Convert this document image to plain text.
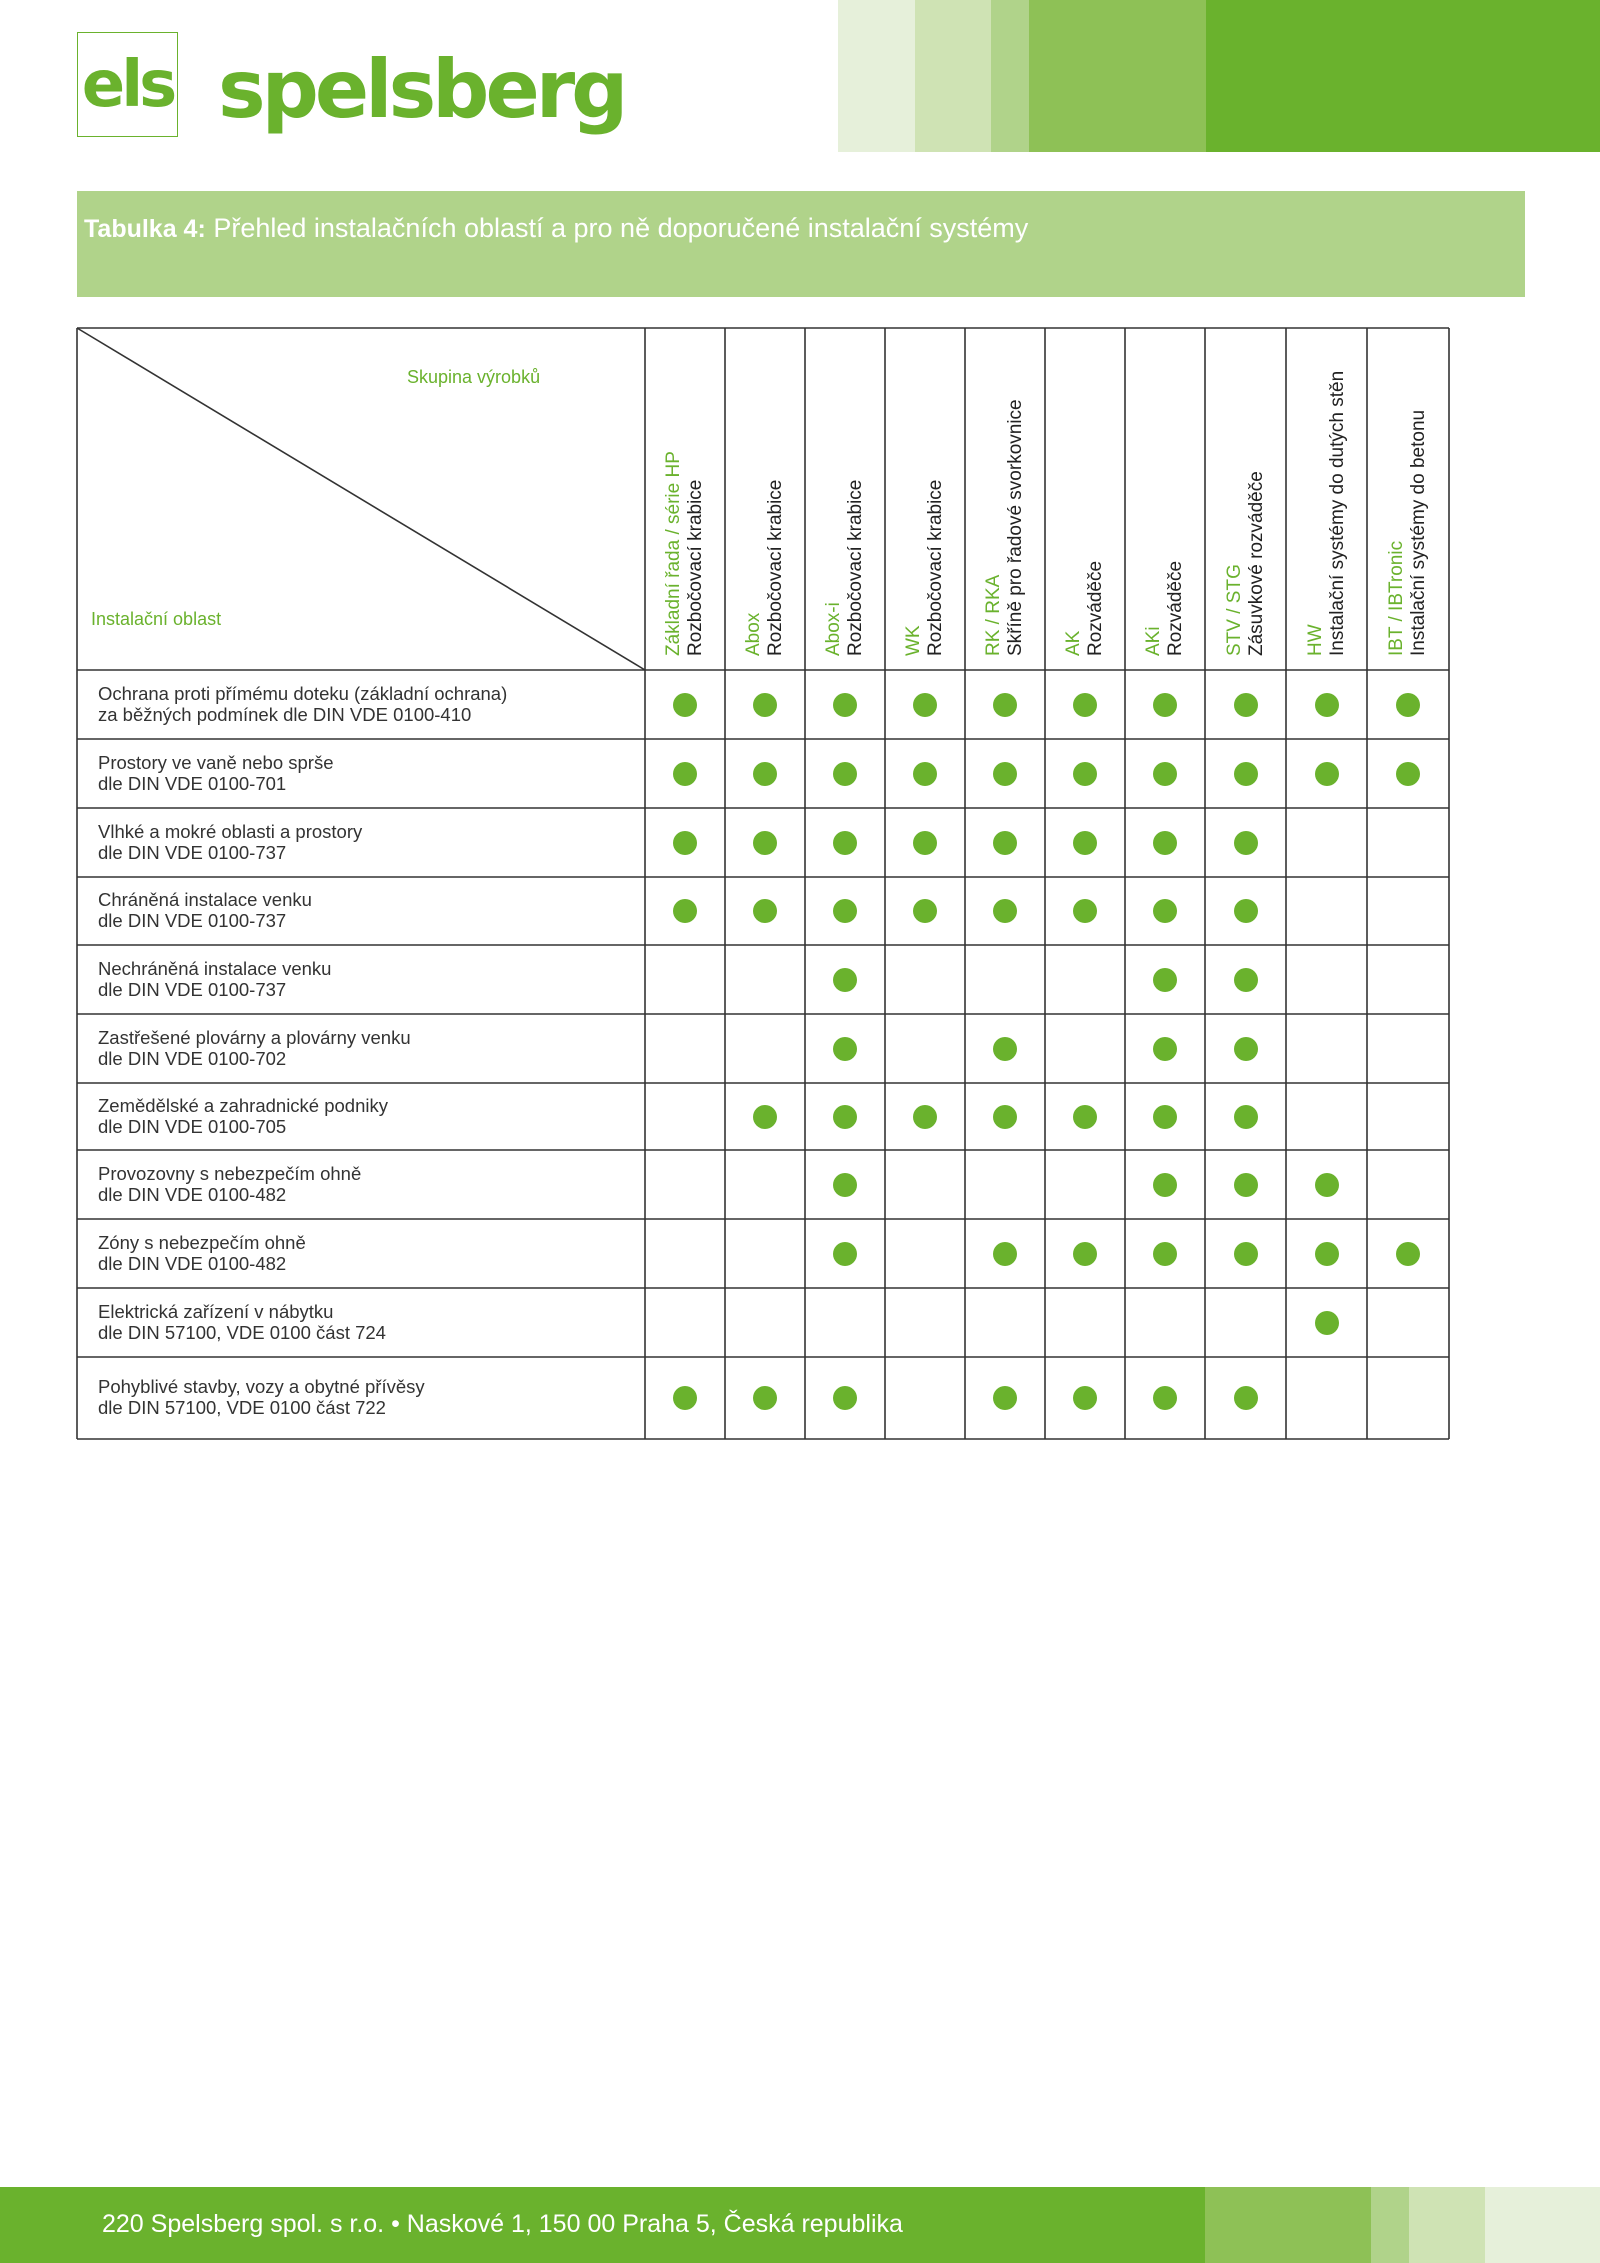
els spelsberg
Tabulka 4: Přehled instalačních oblastí a pro ně doporučené instalační systémy
Skupina výrobků
Instalační oblast	Základní řada / série HP Rozbočovací krabice Abox Rozbočovací krabice Abox-i Rozbočovací krabice WK Rozbočovací krabice RK / RKA Skříně pro řadové svorkovnice AK Rozváděče AKi Rozváděče STV / STG Zásuvkové rozváděče HW Instalační systémy do dutých stěn IBT / IBTronic Instalační systémy do betonu
Ochrana proti přímému doteku (základní ochrana)
za běžných podmínek dle DIN VDE 0100-410
Prostory ve vaně nebo sprše
dle DIN VDE 0100-701
Vlhké a mokré oblasti a prostory
dle DIN VDE 0100-737
Chráněná instalace venku
dle DIN VDE 0100-737
Nechráněná instalace venku
dle DIN VDE 0100-737
Zastřešené plovárny a plovárny venku
dle DIN VDE 0100-702
Zemědělské a zahradnické podniky
dle DIN VDE 0100-705
Provozovny s nebezpečím ohně
dle DIN VDE 0100-482
Zóny s nebezpečím ohně
dle DIN VDE 0100-482
Elektrická zařízení v nábytku
dle DIN 57100, VDE 0100 část 724
Pohyblivé stavby, vozy a obytné přívěsy
dle DIN 57100, VDE 0100 část 722
220 Spelsberg spol. s r.o. • Naskové 1, 150 00 Praha 5, Česká republika
